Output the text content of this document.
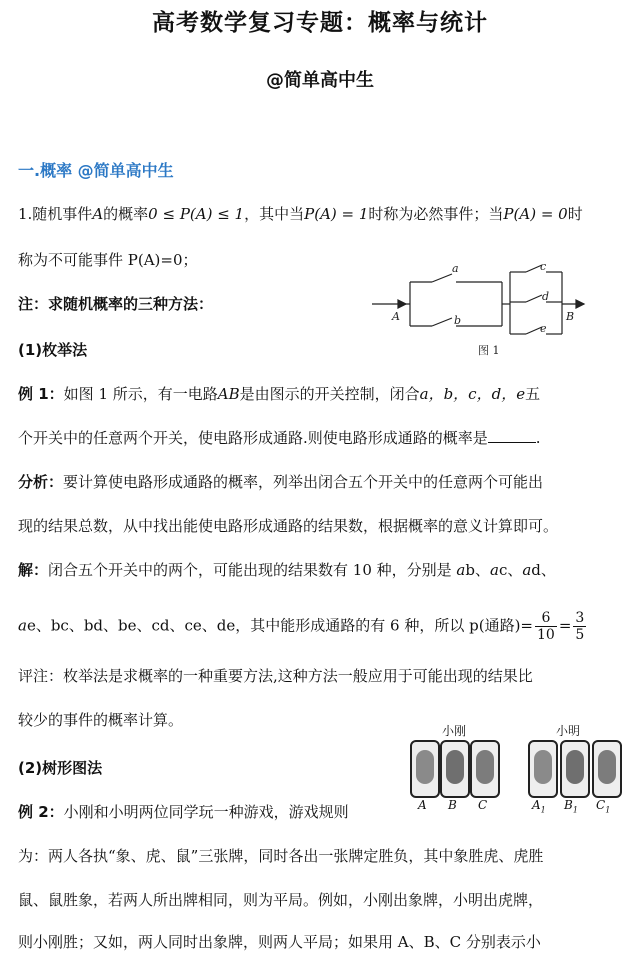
高考数学复习专题：概率与统计
@简单高中生
一.概率 @简单高中生
1.随机事件A的概率0 ≤ P(A) ≤ 1，其中当P(A) = 1时称为必然事件；当P(A) = 0时
称为不可能事件 P(A)=0；
注：求随机概率的三种方法：
(1)枚举法
例 1：如图 1 所示，有一电路AB是由图示的开关控制，闭合a，b，c，d，e五
个开关中的任意两个开关，使电路形成通路.则使电路形成通路的概率是	.
分析：要计算使电路形成通路的概率，列举出闭合五个开关中的任意两个可能出
现的结果总数，从中找出能使电路形成通路的结果数，根据概率的意义计算即可。
解：闭合五个开关中的两个，可能出现的结果数有 10 种，分别是 ab、ac、ad、
ae、bc、bd、be、cd、ce、de，其中能形成通路的有 6 种，所以 p(通路)= $\frac{6}{10} = \frac{3}{5}$
评注：枚举法是求概率的一种重要方法,这种方法一般应用于可能出现的结果比
较少的事件的概率计算。
(2)树形图法
例 2：小刚和小明两位同学玩一种游戏，游戏规则
为：两人各执“象、虎、鼠”三张牌，同时各出一张牌定胜负，其中象胜虎、虎胜
鼠、鼠胜象，若两人所出牌相同，则为平局。例如，小刚出象牌，小明出虎牌，
则小刚胜；又如，两人同时出象牌，则两人平局；如果用 A、B、C 分别表示小
a
b
c
d
e
A	B
图 1
小刚	小明
A B C	$A_1$ $B_1$ $C_1$
